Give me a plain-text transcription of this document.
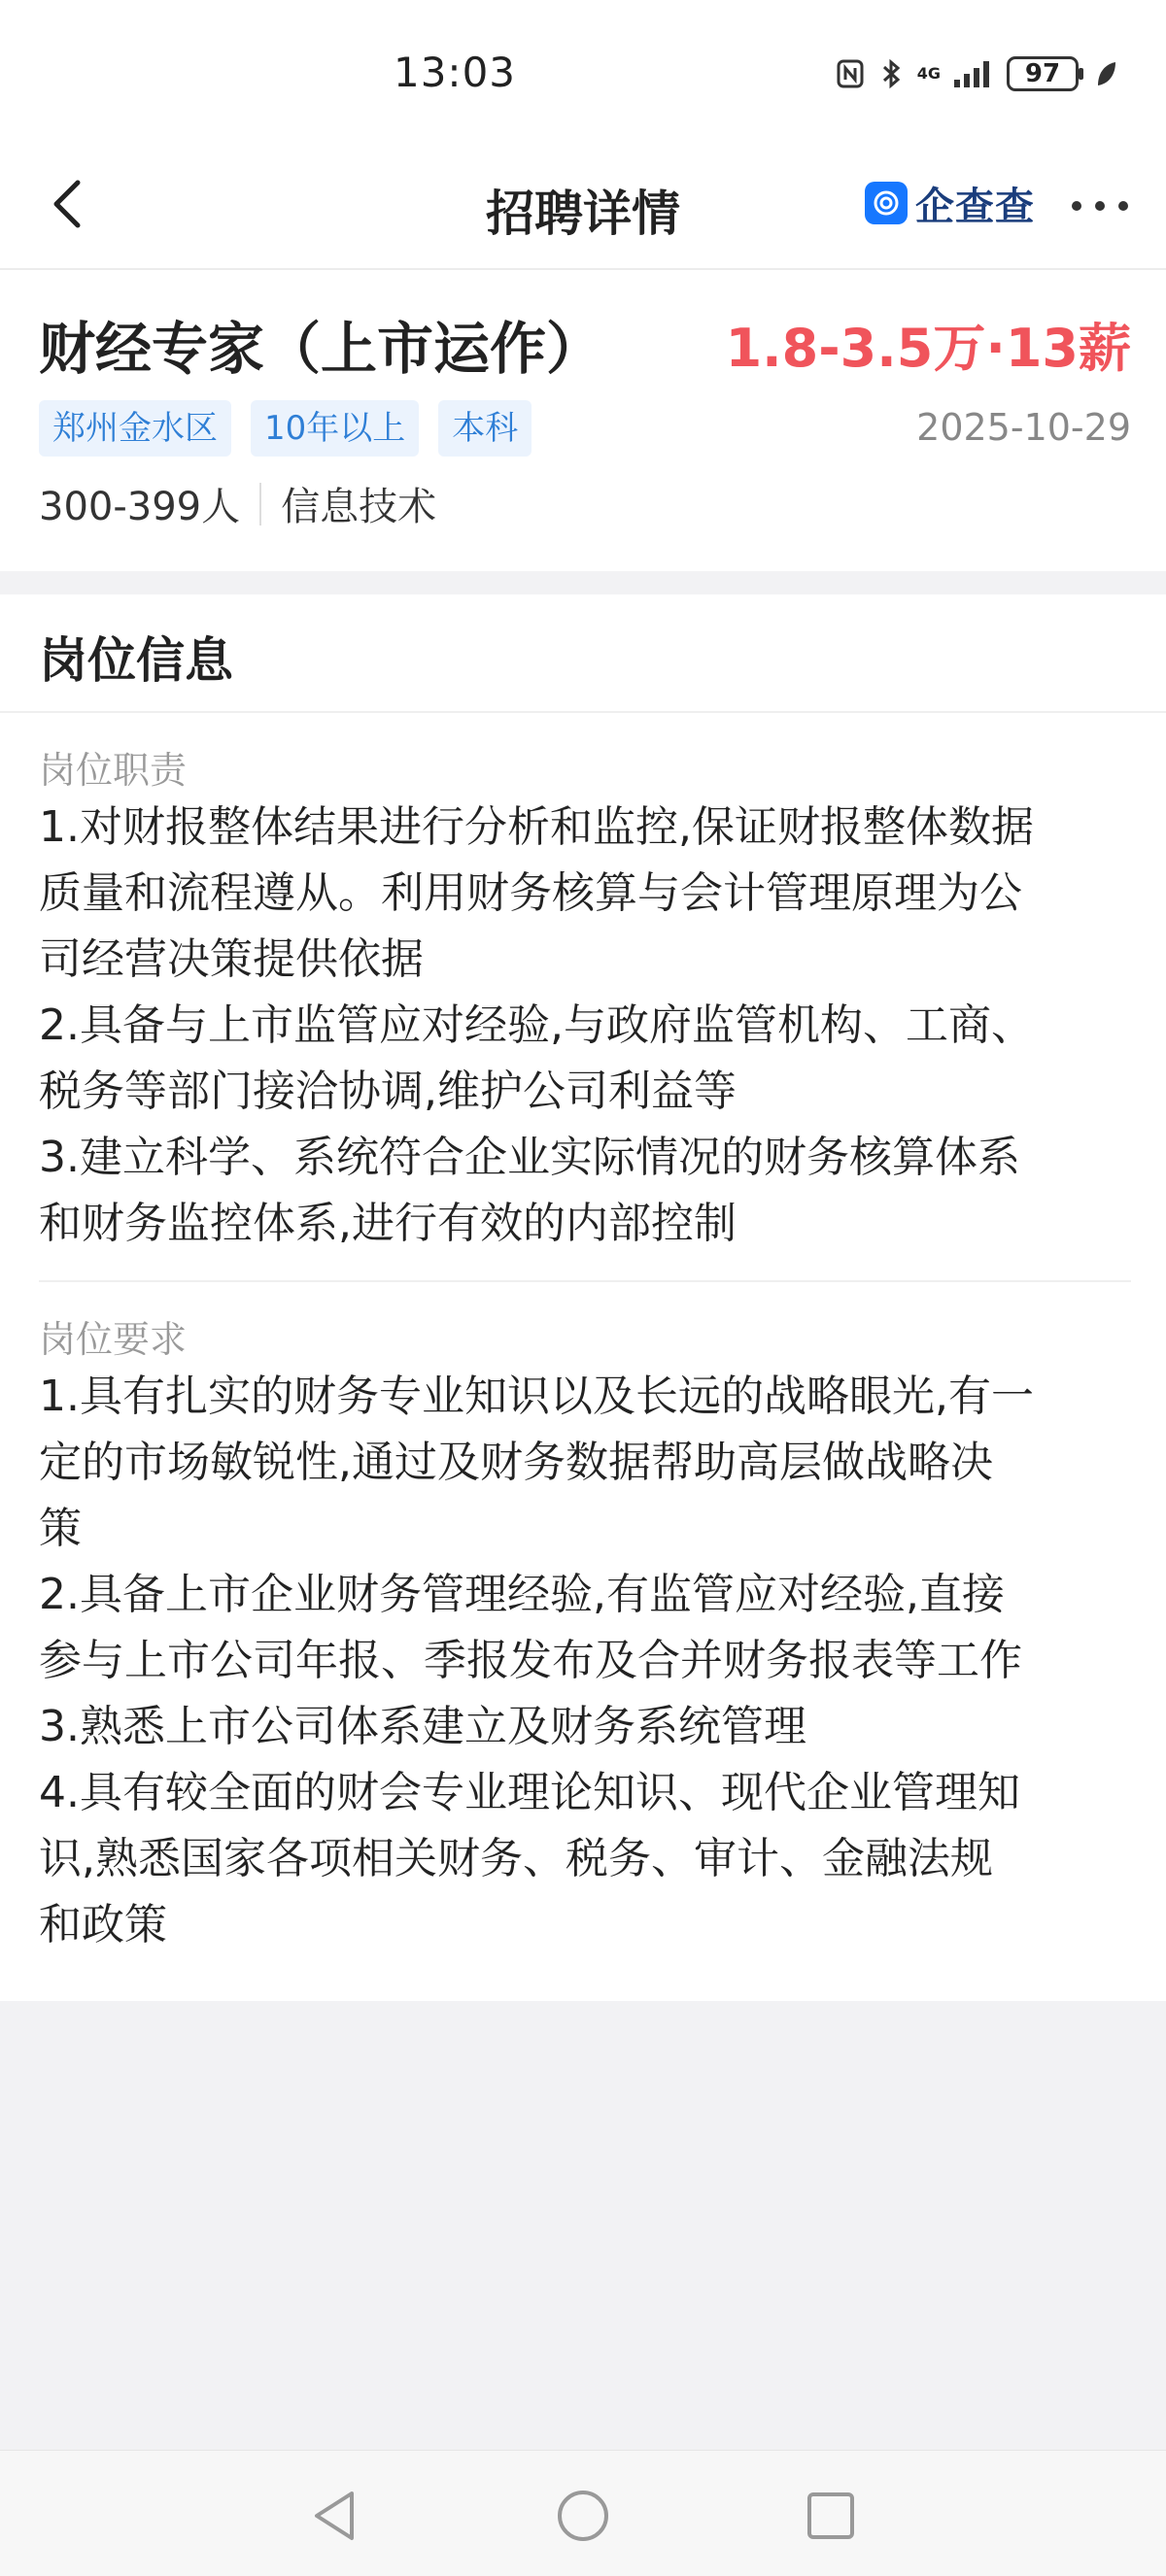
13:03	4G	97
招聘详情	企查查
财经专家（上市运作） 1.8-3.5万·13薪
郑州金水区	10年以上	本科	2025-10-29
300-399人 信息技术
岗位信息
岗位职责
1.对财报整体结果进行分析和监控,保证财报整体数据
质量和流程遵从。利用财务核算与会计管理原理为公
司经营决策提供依据
2.具备与上市监管应对经验,与政府监管机构、工商、
税务等部门接洽协调,维护公司利益等
3.建立科学、系统符合企业实际情况的财务核算体系
和财务监控体系,进行有效的内部控制
岗位要求
1.具有扎实的财务专业知识以及长远的战略眼光,有一
定的市场敏锐性,通过及财务数据帮助高层做战略决
策
2.具备上市企业财务管理经验,有监管应对经验,直接
参与上市公司年报、季报发布及合并财务报表等工作
3.熟悉上市公司体系建立及财务系统管理
4.具有较全面的财会专业理论知识、现代企业管理知
识,熟悉国家各项相关财务、税务、审计、金融法规
和政策
